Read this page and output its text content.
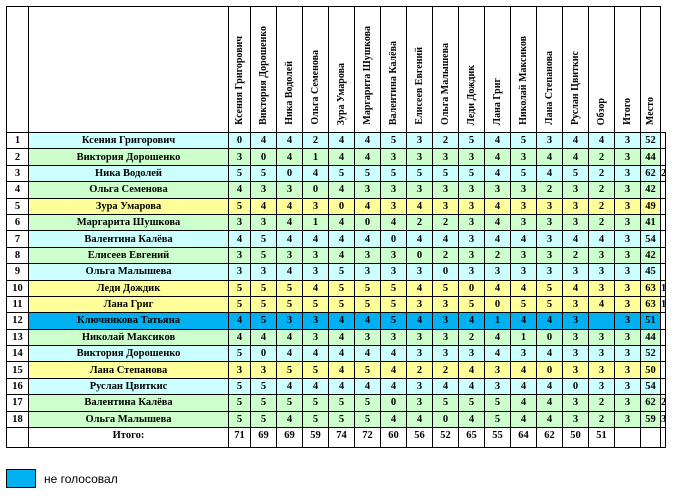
		Ксения Григорович	Виктория Дорошенко	Ника Водолей	Ольга Семенова	Зура Умарова	Маргарита Шушкова	Валентина Калёва	Елисеев Евгений	Ольга Малышева	Леди Дождик	Лана Григ	Николай Максиков	Лана Степанова	Руслан Цвиткис	Обзор	Итого	Место	
1	Ксения Григорович	0	4	4	2	4	4	5	3	2	5	4	5	3	4	4	3	52	
2	Виктория Дорошенко	3	0	4	1	4	4	3	3	3	3	4	3	4	4	2	3	44	
3	Ника Водолей	5	5	0	4	5	5	5	5	5	5	4	5	4	5	2	3	62	2
4	Ольга Семенова	4	3	3	0	4	3	3	3	3	3	3	3	2	3	2	3	42	
5	Зура Умарова	5	4	4	3	0	4	3	4	3	3	4	3	3	3	2	3	49	
6	Маргарита Шушкова	3	3	4	1	4	0	4	2	2	3	4	3	3	3	2	3	41	
7	Валентина Калёва	4	5	4	4	4	4	0	4	4	3	4	4	3	4	4	3	54	
8	Елисеев Евгений	3	5	3	3	4	3	3	0	2	3	2	3	3	2	3	3	42	
9	Ольга Малышева	3	3	4	3	5	3	3	3	0	3	3	3	3	3	3	3	45	
10	Леди Дождик	5	5	5	4	5	5	5	4	5	0	4	4	5	4	3	3	63	1
11	Лана Григ	5	5	5	5	5	5	5	3	3	5	0	5	5	3	4	3	63	1
12	Ключникова Татьяна	4	5	3	3	4	4	5	4	3	4	1	4	4	3		3	51	
13	Николай Максиков	4	4	4	3	4	3	3	3	3	2	4	1	0	3	3	3	44	
14	Виктория Дорошенко	5	0	4	4	4	4	4	3	3	3	4	3	4	3	3	3	52	
15	Лана Степанова	3	3	5	5	4	5	4	2	2	4	3	4	0	3	3	3	50	
16	Руслан Цвиткис	5	5	4	4	4	4	4	3	4	4	3	4	4	0	3	3	54	
17	Валентина Калёва	5	5	5	5	5	5	0	3	5	5	5	4	4	3	2	3	62	2
18	Ольга Малышева	5	5	4	5	5	5	4	4	0	4	5	4	4	3	2	3	59	3
	Итого:	71	69	69	59	74	72	60	56	52	65	55	64	62	50	51			
не голосовал
